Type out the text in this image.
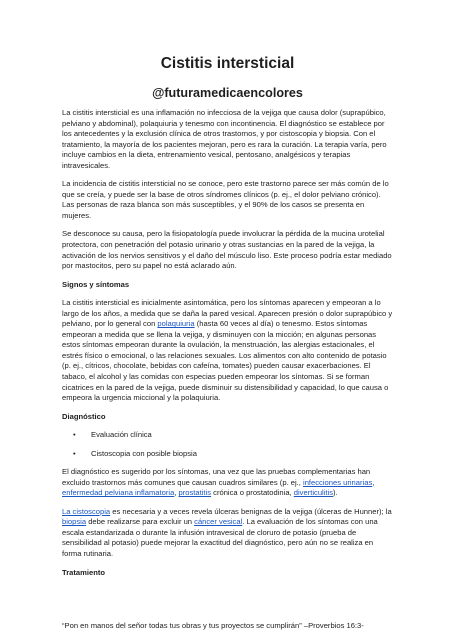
Cistitis intersticial
@futuramedicaencolores

La cistitis intersticial es una inflamación no infecciosa de la vejiga que causa dolor (suprapúbico, pelviano y abdominal), polaquiuria y tenesmo con incontinencia. El diagnóstico se establece por los antecedentes y la exclusión clínica de otros trastornos, y por cistoscopia y biopsia. Con el tratamiento, la mayoría de los pacientes mejoran, pero es rara la curación. La terapia varía, pero incluye cambios en la dieta, entrenamiento vesical, pentosano, analgésicos y terapias intravesicales.

La incidencia de cistitis intersticial no se conoce, pero este trastorno parece ser más común de lo que se creía, y puede ser la base de otros síndromes clínicos (p. ej., el dolor pelviano crónico). Las personas de raza blanca son más susceptibles, y el 90% de los casos se presenta en mujeres.

Se desconoce su causa, pero la fisiopatología puede involucrar la pérdida de la mucina urotelial protectora, con penetración del potasio urinario y otras sustancias en la pared de la vejiga, la activación de los nervios sensitivos y el daño del músculo liso. Este proceso podría estar mediado por mastocitos, pero su papel no está aclarado aún.

Signos y síntomas

La cistitis intersticial es inicialmente asintomática, pero los síntomas aparecen y empeoran a lo largo de los años, a medida que se daña la pared vesical. Aparecen presión o dolor suprapúbico y pelviano, por lo general con polaquiuria (hasta 60 veces al día) o tenesmo. Estos síntomas empeoran a medida que se llena la vejiga, y disminuyen con la micción; en algunas personas estos síntomas empeoran durante la ovulación, la menstruación, las alergias estacionales, el estrés físico o emocional, o las relaciones sexuales. Los alimentos con alto contenido de potasio (p. ej., cítricos, chocolate, bebidas con cafeína, tomates) pueden causar exacerbaciones. El tabaco, el alcohol y las comidas con especias pueden empeorar los síntomas. Si se forman cicatrices en la pared de la vejiga, puede disminuir su distensibilidad y capacidad, lo que causa o empeora la urgencia miccional y la polaquiuria.

Diagnóstico
• Evaluación clínica
• Cistoscopia con posible biopsia

El diagnóstico es sugerido por los síntomas, una vez que las pruebas complementarias han excluido trastornos más comunes que causan cuadros similares (p. ej., infecciones urinarias, enfermedad pelviana inflamatoria, prostatitis crónica o prostatodinia, diverticulitis).

La cistoscopia es necesaria y a veces revela úlceras benignas de la vejiga (úlceras de Hunner); la biopsia debe realizarse para excluir un cáncer vesical. La evaluación de los síntomas con una escala estandarizada o durante la infusión intravesical de cloruro de potasio (prueba de sensibilidad al potasio) puede mejorar la exactitud del diagnóstico, pero aún no se realiza en forma rutinaria.

Tratamiento
“Pon en manos del señor todas tus obras y tus proyectos se cumplirán” –Proverbios 16:3-
